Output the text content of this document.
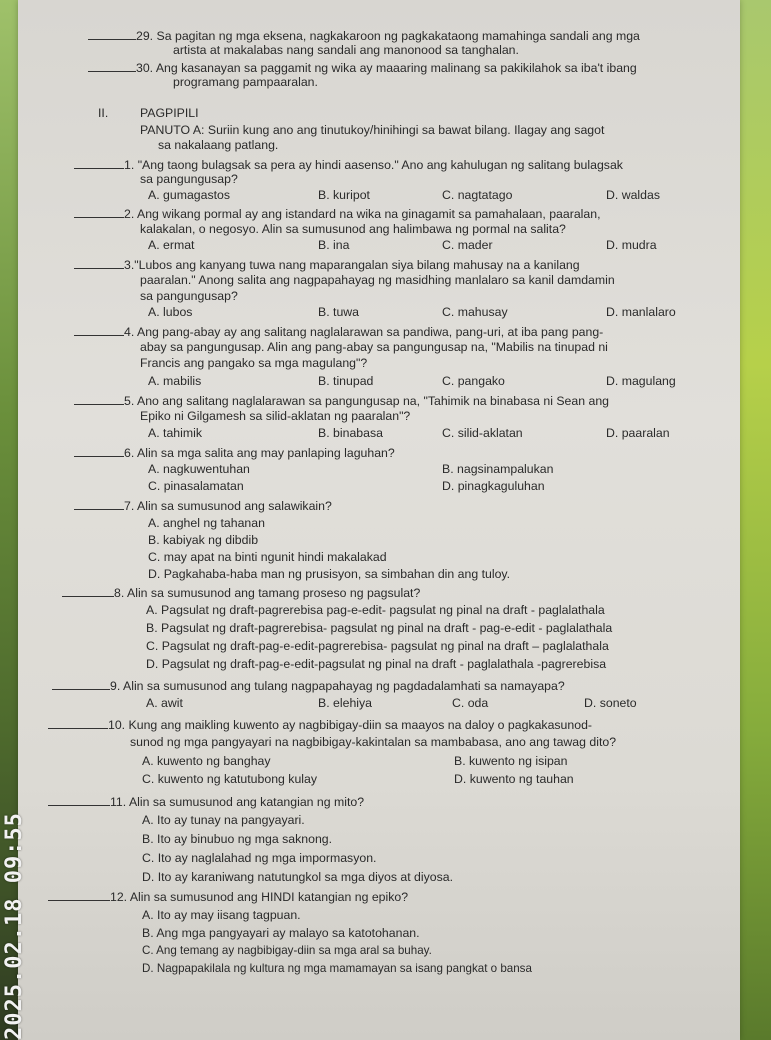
29. Sa pagitan ng mga eksena, nagkakaroon ng pagkakataong mamahinga sandali ang mga
artista at makalabas nang sandali ang manonood sa tanghalan.
30. Ang kasanayan sa paggamit ng wika ay maaaring malinang sa pakikilahok sa iba't ibang
programang pampaaralan.
II.	PAGPIPILI
PANUTO A: Suriin kung ano ang tinutukoy/hinihingi sa bawat bilang. Ilagay ang sagot
sa nakalaang patlang.
1. "Ang taong bulagsak sa pera ay hindi aasenso." Ano ang kahulugan ng salitang bulagsak
sa pangungusap?
A. gumagastos	B. kuripot	C. nagtatago	D. waldas
2. Ang wikang pormal ay ang istandard na wika na ginagamit sa pamahalaan, paaralan,
kalakalan, o negosyo. Alin sa sumusunod ang halimbawa ng pormal na salita?
A. ermat	B. ina	C. mader	D. mudra
3."Lubos ang kanyang tuwa nang maparangalan siya bilang mahusay na a kanilang
paaralan." Anong salita ang nagpapahayag ng masidhing manlalaro sa kanil damdamin
sa pangungusap?
A. lubos	B. tuwa	C. mahusay	D. manlalaro
4. Ang pang-abay ay ang salitang naglalarawan sa pandiwa, pang-uri, at iba pang pang-
abay sa pangungusap. Alin ang pang-abay sa pangungusap na, "Mabilis na tinupad ni
Francis ang pangako sa mga magulang"?
A. mabilis	B. tinupad	C. pangako	D. magulang
5. Ano ang salitang naglalarawan sa pangungusap na, "Tahimik na binabasa ni Sean ang
Epiko ni Gilgamesh sa silid-aklatan ng paaralan"?
A. tahimik	B. binabasa	C. silid-aklatan	D. paaralan
6. Alin sa mga salita ang may panlaping laguhan?
A. nagkuwentuhan	B. nagsinampalukan
C. pinasalamatan	D. pinagkaguluhan
7. Alin sa sumusunod ang salawikain?
A. anghel ng tahanan
B. kabiyak ng dibdib
C. may apat na binti ngunit hindi makalakad
D. Pagkahaba-haba man ng prusisyon, sa simbahan din ang tuloy.
8. Alin sa sumusunod ang tamang proseso ng pagsulat?
A. Pagsulat ng draft-pagrerebisa pag-e-edit- pagsulat ng pinal na draft - paglalathala
B. Pagsulat ng draft-pagrerebisa- pagsulat ng pinal na draft - pag-e-edit - paglalathala
C. Pagsulat ng draft-pag-e-edit-pagrerebisa- pagsulat ng pinal na draft – paglalathala
D. Pagsulat ng draft-pag-e-edit-pagsulat ng pinal na draft - paglalathala -pagrerebisa
9. Alin sa sumusunod ang tulang nagpapahayag ng pagdadalamhati sa namayapa?
A. awit	B. elehiya	C. oda	D. soneto
10. Kung ang maikling kuwento ay nagbibigay-diin sa maayos na daloy o pagkakasunod-
sunod ng mga pangyayari na nagbibigay-kakintalan sa mambabasa, ano ang tawag dito?
A. kuwento ng banghay	B. kuwento ng isipan
C. kuwento ng katutubong kulay	D. kuwento ng tauhan
11. Alin sa sumusunod ang katangian ng mito?
A. Ito ay tunay na pangyayari.
B. Ito ay binubuo ng mga saknong.
C. Ito ay naglalahad ng mga impormasyon.
D. Ito ay karaniwang natutungkol sa mga diyos at diyosa.
12. Alin sa sumusunod ang HINDI katangian ng epiko?
A. Ito ay may iisang tagpuan.
B. Ang mga pangyayari ay malayo sa katotohanan.
C. Ang temang ay nagbibigay-diin sa mga aral sa buhay.
D. Nagpapakilala ng kultura ng mga mamamayan sa isang pangkat o bansa
2025.02.18 09:55
